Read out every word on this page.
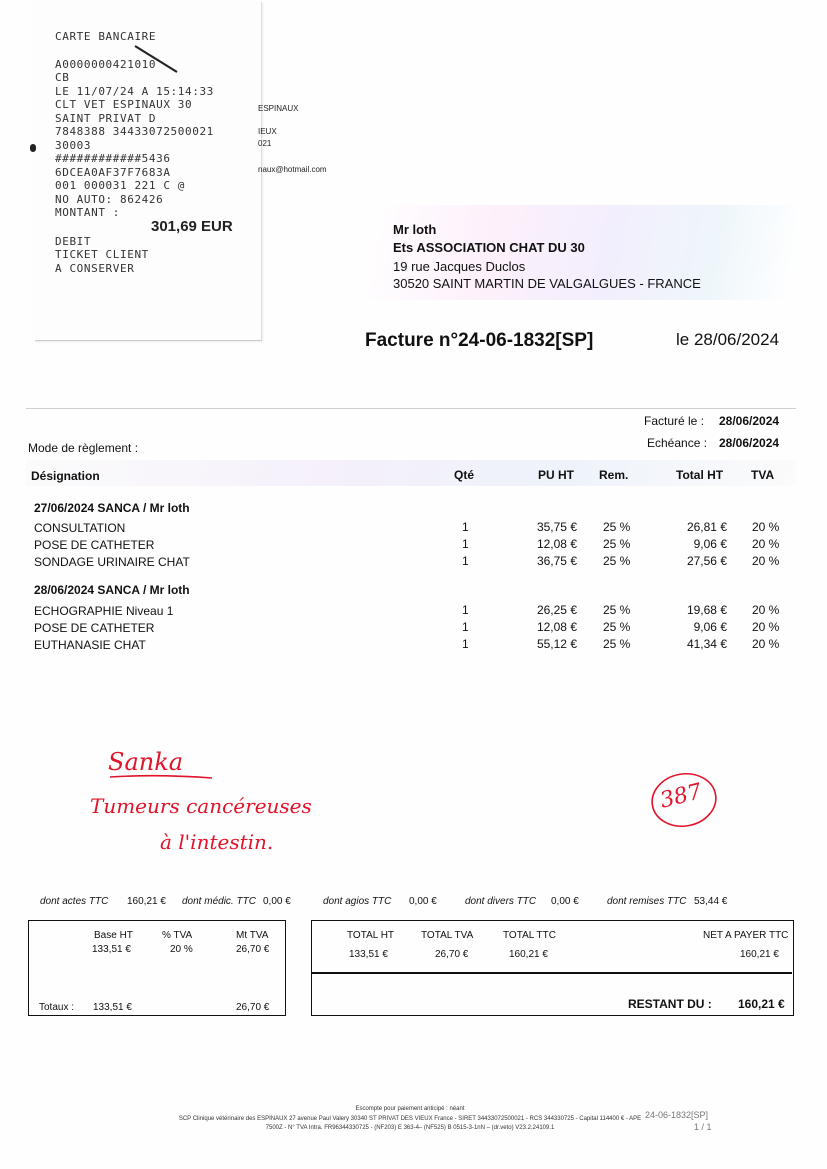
CARTE BANCAIRE
A0000000421010
CB
LE 11/07/24 A 15:14:33
CLT VET ESPINAUX 30
SAINT PRIVAT D
7848388 34433072500021
30003
############5436
6DCEA0AF37F7683A
001 000031 221 C @
NO AUTO: 862426
MONTANT :
301,69 EUR
DEBIT
TICKET CLIENT
A CONSERVER
ESPINAUX
IEUX
021
naux@hotmail.com
Mr loth
Ets ASSOCIATION CHAT DU 30
19 rue Jacques Duclos
30520 SAINT MARTIN DE VALGALGUES - FRANCE
Facture n°24-06-1832[SP]	le 28/06/2024
Facturé le : 28/06/2024
Echéance : 28/06/2024
Mode de règlement :
Désignation	Qté	PU HT Rem.	Total HT TVA
27/06/2024 SANCA / Mr loth
CONSULTATION	1	35,75 € 25 %	26,81 € 20 %
POSE DE CATHETER	1	12,08 € 25 %	9,06 € 20 %
SONDAGE URINAIRE CHAT	1	36,75 € 25 %	27,56 € 20 %
28/06/2024 SANCA / Mr loth
ECHOGRAPHIE Niveau 1	1	26,25 € 25 %	19,68 € 20 %
POSE DE CATHETER	1	12,08 € 25 %	9,06 € 20 %
EUTHANASIE CHAT	1	55,12 € 25 %	41,34 € 20 %
Sanka
Tumeurs cancéreuses
à l'intestin.
387
dont actes TTC 160,21 € dont médic. TTC 0,00 €	dont agios TTC 0,00 €	dont divers TTC 0,00 €	dont remises TTC 53,44 €
Base HT	% TVA	Mt TVA
133,51 €	20 %	26,70 €
Totaux : 133,51 €	26,70 €
TOTAL HT	TOTAL TVA	TOTAL TTC	NET A PAYER TTC
133,51 €	26,70 €	160,21 €	160,21 €
RESTANT DU : 160,21 €
Escompte pour paiement anticipé : néant
SCP Clinique vétérinaire des ESPINAUX 27 avenue Paul Valery 30340 ST PRIVAT DES VIEUX France - SIRET 34433072500021 - RCS 344330725 - Capital 114400 € - APE
7500Z - N° TVA Intra. FR96344330725 - (NF203) E 363-4– (NF525) B 0515-3-1nN – (dr.veto) V23.2.24109.1
24-06-1832[SP]
1 / 1
